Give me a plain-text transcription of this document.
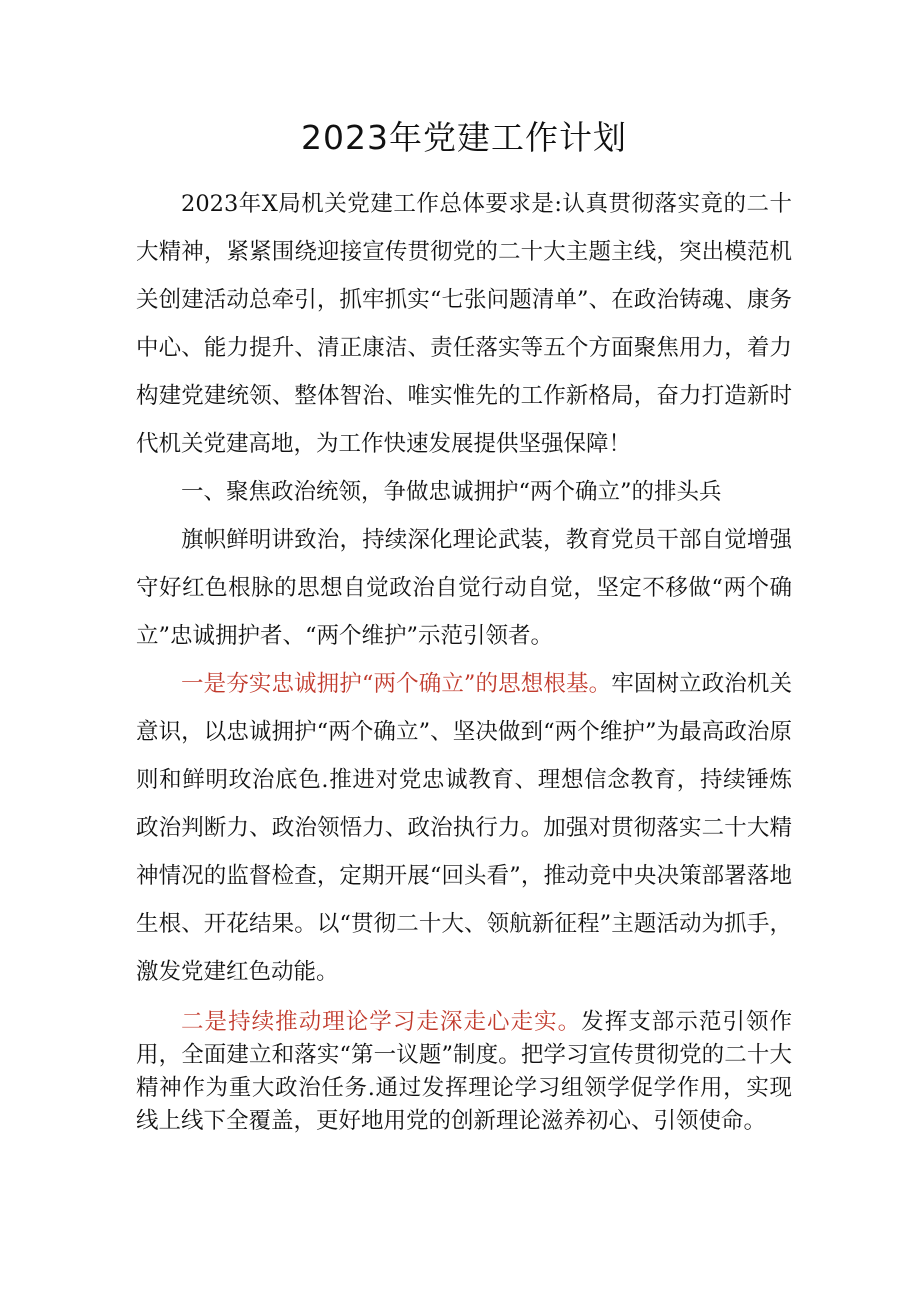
2023年党建工作计划

2023年X局机关党建工作总体要求是:认真贯彻落实竟的二十大精神，紧紧围绕迎接宣传贯彻党的二十大主题主线，突出模范机关创建活动总牵引，抓牢抓实“七张问题清单”、在政治铸魂、康务中心、能力提升、清正康洁、责任落实等五个方面聚焦用力，着力构建党建统领、整体智治、唯实惟先的工作新格局，奋力打造新时代机关党建高地，为工作快速发展提供坚强保障！

一、聚焦政治统领，争做忠诚拥护“两个确立”的排头兵

旗帜鲜明讲致治，持续深化理论武装，教育党员干部自觉增强守好红色根脉的思想自觉政治自觉行动自觉，坚定不移做“两个确立”忠诚拥护者、“两个维护”示范引领者。

一是夯实忠诚拥护“两个确立”的思想根基。牢固树立政治机关意识，以忠诚拥护“两个确立”、坚决做到“两个维护”为最高政治原则和鲜明玫治底色.推进对党忠诚教育、理想信念教育，持续锤炼政治判断力、政治领悟力、政治执行力。加强对贯彻落实二十大精神情况的监督检查，定期开展“回头看”，推动竞中央决策部署落地生根、开花结果。以“贯彻二十大、领航新征程”主题活动为抓手，激发党建红色动能。

二是持续推动理论学习走深走心走实。发挥支部示范引领作用，全面建立和落实“第一议题”制度。把学习宣传贯彻党的二十大精神作为重大政治任务.通过发挥理论学习组领学促学作用，实现线上线下全覆盖，更好地用党的创新理论滋养初心、引领使命。
